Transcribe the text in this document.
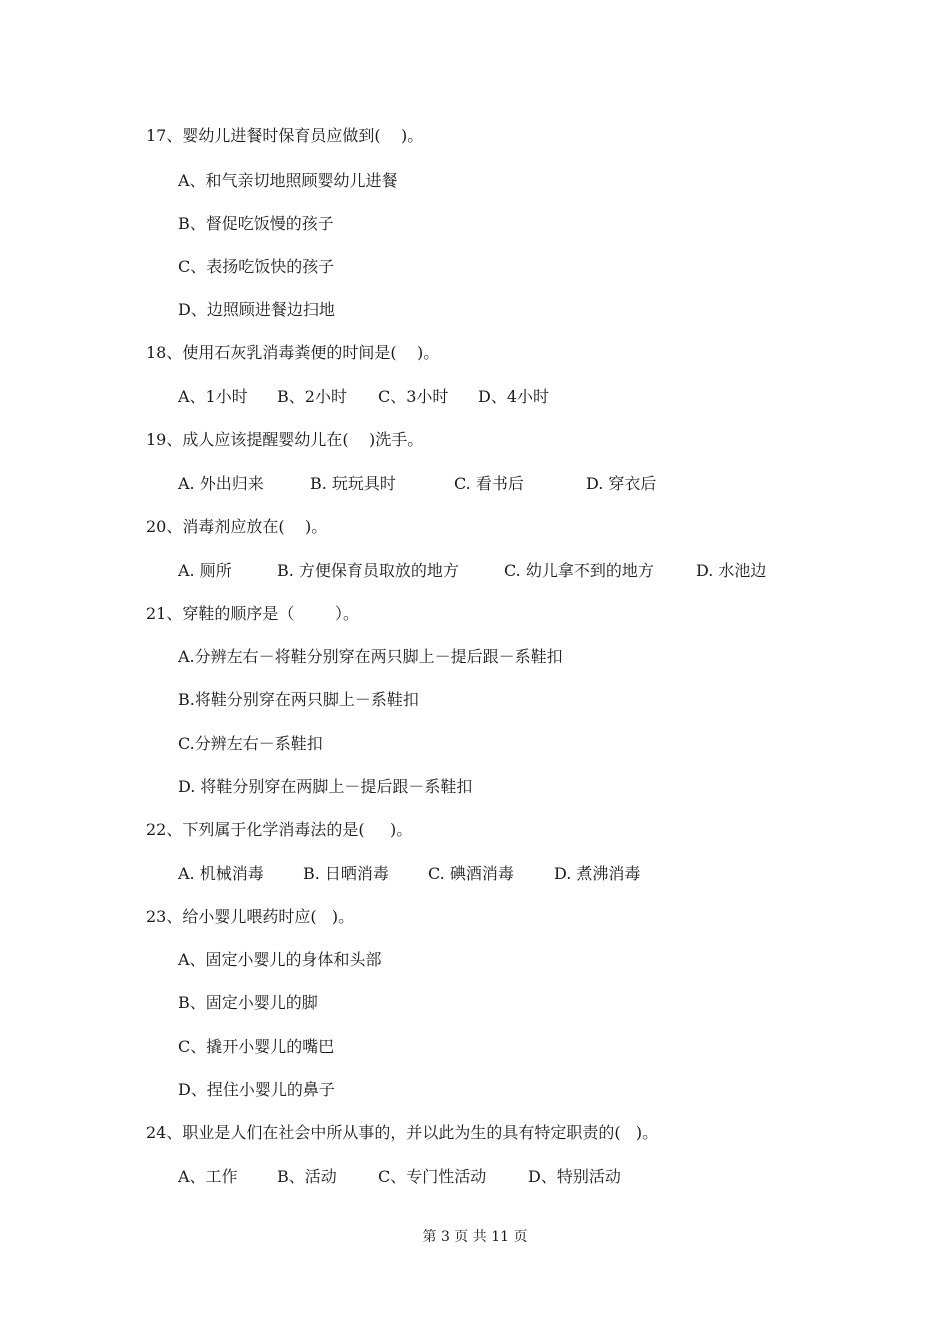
17、婴幼儿进餐时保育员应做到(    )。
A、和气亲切地照顾婴幼儿进餐
B、督促吃饭慢的孩子
C、表扬吃饭快的孩子
D、边照顾进餐边扫地
18、使用石灰乳消毒粪便的时间是(    )。

A、1小时

B、2小时

C、3小时

D、4小时

19、成人应该提醒婴幼儿在(    )洗手。

A. 外出归来

	B. 玩玩具时

	C. 看书后

	D. 穿衣后

20、消毒剂应放在(    )。

A. 厕所

	B. 方便保育员取放的地方

	C. 幼儿拿不到的地方

	D. 水池边

21、穿鞋的顺序是（        ）。
A.分辨左右－将鞋分别穿在两只脚上－提后跟－系鞋扣
B.将鞋分别穿在两只脚上－系鞋扣
C.分辨左右－系鞋扣
D. 将鞋分别穿在两脚上－提后跟－系鞋扣
22、下列属于化学消毒法的是(     )。

A. 机械消毒

B. 日晒消毒

C. 碘酒消毒

	D. 煮沸消毒

23、给小婴儿喂药时应(   )。
A、固定小婴儿的身体和头部
B、固定小婴儿的脚
C、撬开小婴儿的嘴巴
D、捏住小婴儿的鼻子
24、职业是人们在社会中所从事的，并以此为生的具有特定职责的(   )。

A、工作

B、活动

	C、专门性活动

	D、特别活动

第 3 页 共 11 页
